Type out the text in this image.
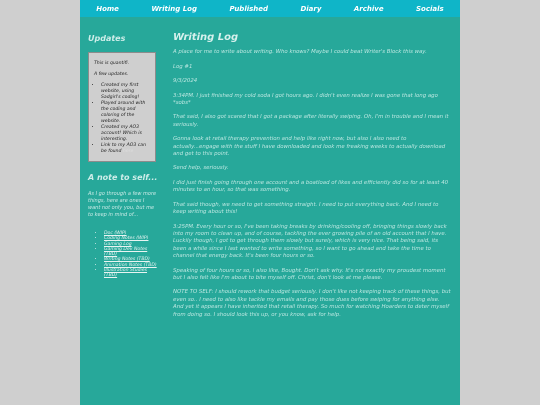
Home	Writing Log	Published	Diary	Archive	Socials
Updates

This is quantifi.

A few updates.

• Created my first website, using Sadgirl's coding!
• Played around with the coding and coloring of the website.
• Created my AO3 account! Which is interesting.
• Link to my AO3 can be found here
A note to self...

As I go through a few more things, here are ones I want not only you, but me to keep in mind of...

• Doc (WIP)
• Coding Notes (WIP)
• Gaming Log
• Gaming Dev Notes (TBD)
• Writing Notes (TBD)
• Animation Notes (TBD)
• Illustration Studies (TBD)
Writing Log

A place for me to write about writing. Who knows? Maybe I could beat Writer's Block this way.

Log #1

9/3/2024

3:34PM. I just finished my cold soda I got hours ago. I didn't even realize I was gone that long ago *sobs*

That said, I also got scared that I got a package after literally swiping. Oh, I'm in trouble and I mean it seriously.

Gonna look at retail therapy prevention and help like right now, but also I also need to actually...engage with the stuff I have downloaded and look me freaking weeks to actually download and get to this point.

Send help, seriously.

I did just finish going through one account and a boatload of likes and efficiently did so for at least 40 minutes to an hour, so that was something.

That said though, we need to get something straight. I need to put everything back. And I need to keep writing about this!

3:25PM. Every hour or so, I've been taking breaks by drinking/cooling off, bringing things slowly back into my room to clean up, and of course, tackling the ever growing pile of an old account that I have. Luckily though, I got to get through them slowly but surely, which is very nice. That being said, its been a while since I last wanted to write something, so I want to go ahead and take the time to channel that energy back. It's been four hours or so.

Speaking of four hours or so, I also like, Bought. Don't ask why. It's not exactly my proudest moment but I also felt like I'm about to bite myself off. Christ, don't look at me please.

NOTE TO SELF: I should rework that budget seriously. I don't like not keeping track of these things, but even so.. I need to also like tackle my emails and pay those dues before swiping for anything else. And yet it appears I have inherited that retail therapy. So much for watching Hoarders to deter myself from doing so. I should look this up, or you know, ask for help.
